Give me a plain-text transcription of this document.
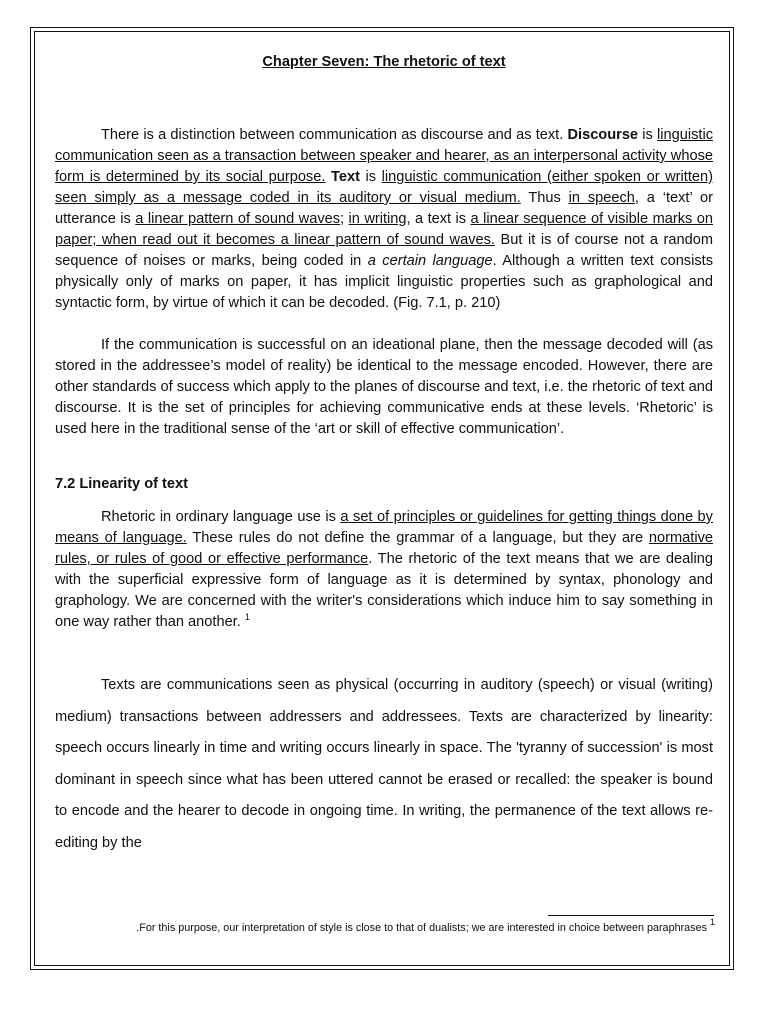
Chapter Seven: The rhetoric of text

There is a distinction between communication as discourse and as text. Discourse is linguistic communication seen as a transaction between speaker and hearer, as an interpersonal activity whose form is determined by its social purpose. Text is linguistic communication (either spoken or written) seen simply as a message coded in its auditory or visual medium. Thus in speech, a ‘text’ or utterance is a linear pattern of sound waves; in writing, a text is a linear sequence of visible marks on paper; when read out it becomes a linear pattern of sound waves. But it is of course not a random sequence of noises or marks, being coded in a certain language. Although a written text consists physically only of marks on paper, it has implicit linguistic properties such as graphological and syntactic form, by virtue of which it can be decoded. (Fig. 7.1, p. 210)

If the communication is successful on an ideational plane, then the message decoded will (as stored in the addressee’s model of reality) be identical to the message encoded. However, there are other standards of success which apply to the planes of discourse and text, i.e. the rhetoric of text and discourse. It is the set of principles for achieving communicative ends at these levels. ‘Rhetoric’ is used here in the traditional sense of the ‘art or skill of effective communication’.

7.2 Linearity of text

Rhetoric in ordinary language use is a set of principles or guidelines for getting things done by means of language. These rules do not define the grammar of a language, but they are normative rules, or rules of good or effective performance. The rhetoric of the text means that we are dealing with the superficial expressive form of language as it is determined by syntax, phonology and graphology. We are concerned with the writer's considerations which induce him to say something in one way rather than another. $^1$

Texts are communications seen as physical (occurring in auditory (speech) or visual (writing) medium) transactions between addressers and addressees. Texts are characterized by linearity: speech occurs linearly in time and writing occurs linearly in space. The 'tyranny of succession' is most dominant in speech since what has been uttered cannot be erased or recalled: the speaker is bound to encode and the hearer to decode in ongoing time. In writing, the permanence of the text allows re-editing by the

.For this purpose, our interpretation of style is close to that of dualists; we are interested in choice between paraphrases $^1$
